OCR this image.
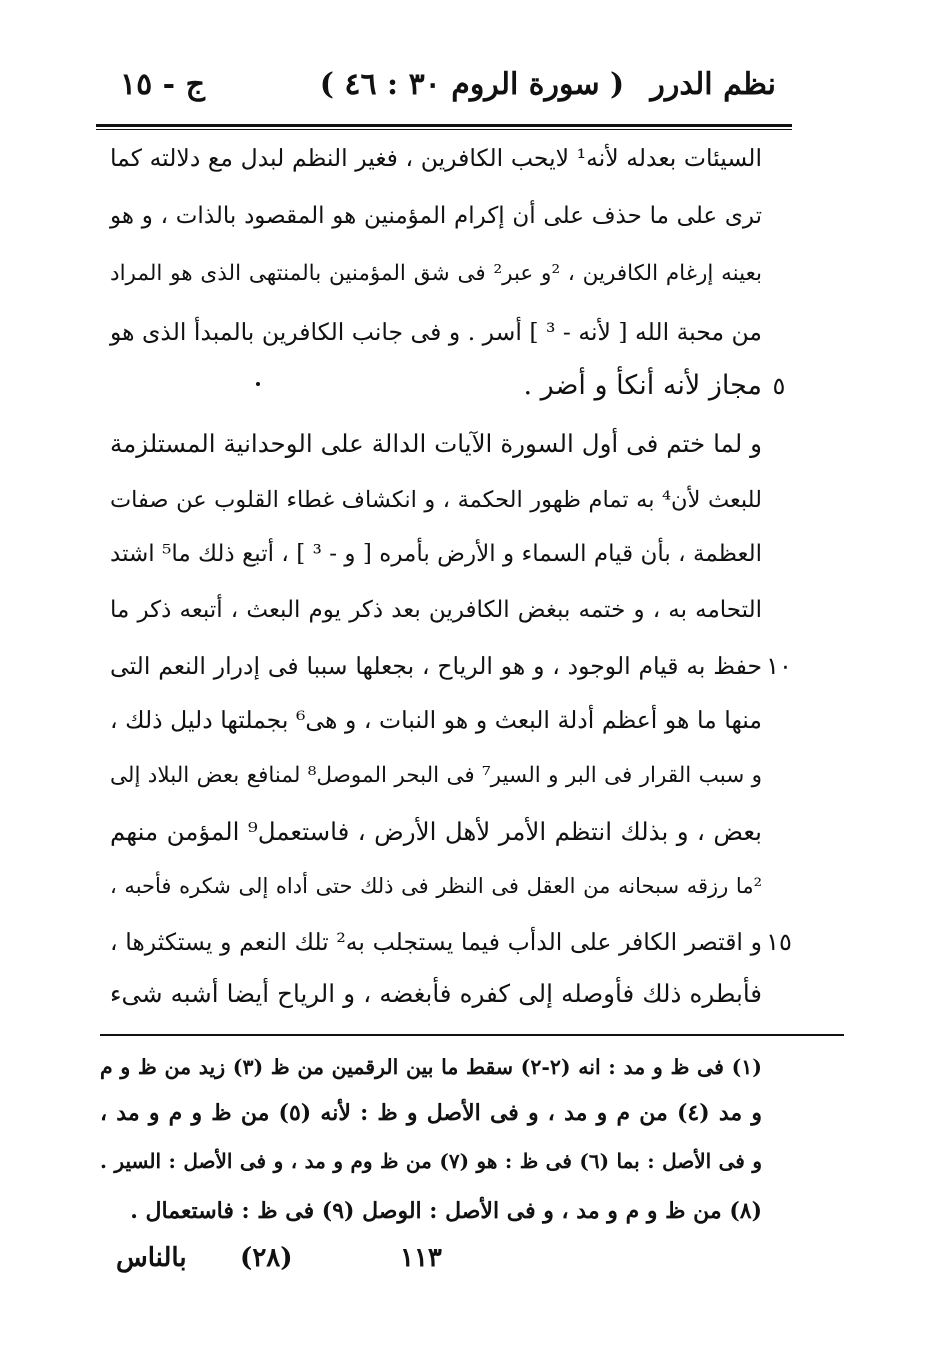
نظم الدرر
( سورة الروم ٣٠ : ٤٦ )
ج - ١٥
السيئات بعدله لأنه¹ لايحب الكافرين ، فغير النظم لبدل مع دلالته كما
ترى على ما حذف على أن إكرام المؤمنين هو المقصود بالذات ، و هو
بعينه إرغام الكافرين ، ²و عبر² فى شق المؤمنين بالمنتهى الذى هو المراد
من محبة الله [ لأنه - ³ ] أسر . و فى جانب الكافرين بالمبدأ الذى هو
مجاز لأنه أنكأ و أضر . ٥
و لما ختم فى أول السورة الآيات الدالة على الوحدانية المستلزمة
للبعث لأن⁴ به تمام ظهور الحكمة ، و انكشاف غطاء القلوب عن صفات
العظمة ، بأن قيام السماء و الأرض بأمره [ و - ³ ] ، أتبع ذلك ما⁵ اشتد
التحامه به ، و ختمه ببغض الكافرين بعد ذكر يوم البعث ، أتبعه ذكر ما
حفظ به قيام الوجود ، و هو الرياح ، بجعلها سببا فى إدرار النعم التى ١٠
منها ما هو أعظم أدلة البعث و هو النبات ، و هى⁶ بجملتها دليل ذلك ،
و سبب القرار فى البر و السير⁷ فى البحر الموصل⁸ لمنافع بعض البلاد إلى
بعض ، و بذلك انتظم الأمر لأهل الأرض ، فاستعمل⁹ المؤمن منهم
²ما رزقه سبحانه من العقل فى النظر فى ذلك حتى أداه إلى شكره فأحبه ،
و اقتصر الكافر على الدأب فيما يستجلب به² تلك النعم و يستكثرها ، ١٥
فأبطره ذلك فأوصله إلى كفره فأبغضه ، و الرياح أيضا أشبه شىء
(١) فى ظ و مد : انه (٢-٢) سقط ما بين الرقمين من ظ (٣) زيد من ظ و م
و مد (٤) من م و مد ، و فى الأصل و ظ : لأنه (٥) من ظ و م و مد ،
و فى الأصل : بما (٦) فى ظ : هو (٧) من ظ وم و مد ، و فى الأصل : السير .
(٨) من ظ و م و مد ، و فى الأصل : الوصل (٩) فى ظ : فاستعمال .
بالناس (٢٨)	١١٣
